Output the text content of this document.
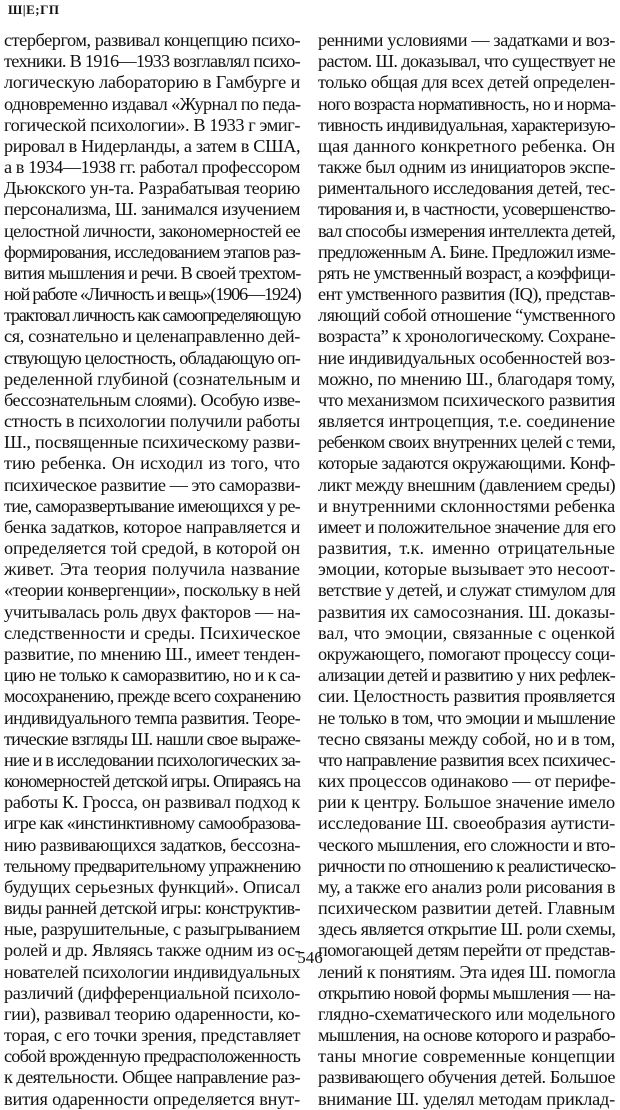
Ш|Е;ГП
стербергом, развивал концепцию психо-
техники. В 1916—1933 возглавлял психо-
логическую лабораторию в Гамбурге и
одновременно издавал «Журнал по педа-
гогической психологии». В 1933 г эмиг-
рировал в Нидерланды, а затем в США,
а в 1934—1938 гг. работал профессором
Дьюкского ун-та. Разрабатывая теорию
персонализма, Ш. занимался изучением
целостной личности, закономерностей ее
формирования, исследованием этапов раз-
вития мышления и речи. В своей трехтом-
ной работе «Личность и вещь»(1906—1924)
трактовал личность как самоопределяющую
ся, сознательно и целенаправленно дей-
ствующую целостность, обладающую оп-
ределенной глубиной (сознательным и
бессознательным слоями). Особую изве-
стность в психологии получили работы
Ш., посвященные психическому разви-
тию ребенка. Он исходил из того, что
психическое развитие — это саморазви-
тие, саморазвертывание имеющихся у ре-
бенка задатков, которое направляется и
определяется той средой, в которой он
живет. Эта теория получила название
«теории конвергенции», поскольку в ней
учитывалась роль двух факторов — на-
следственности и среды. Психическое
развитие, по мнению Ш., имеет тенден-
цию не только к саморазвитию, но и к са-
мосохранению, прежде всего сохранению
индивидуального темпа развития. Теоре-
тические взгляды Ш. нашли свое выраже-
ние и в исследовании психологических за-
кономерностей детской игры. Опираясь на
работы К. Гросса, он развивал подход к
игре как «инстинктивному самообразова-
нию развивающихся задатков, бессозна-
тельному предварительному упражнению
будущих серьезных функций». Описал
виды ранней детской игры: конструктив-
ные, разрушительные, с разыгрыванием
ролей и др. Являясь также одним из ос-
нователей психологии индивидуальных
различий (дифференциальной психоло-
гии), развивал теорию одаренности, ко-
торая, с его точки зрения, представляет
собой врожденную предрасположенность
к деятельности. Общее направление раз-
вития одаренности определяется внут-
ренними условиями — задатками и воз-
растом. Ш. доказывал, что существует не
только общая для всех детей определен-
ного возраста нормативность, но и норма-
тивность индивидуальная, характеризую-
щая данного конкретного ребенка. Он
также был одним из инициаторов экспе-
риментального исследования детей, тес-
тирования и, в частности, усовершенство-
вал способы измерения интеллекта детей,
предложенным А. Бине. Предложил изме-
рять не умственный возраст, а коэффици-
ент умственного развития (IQ), представ-
ляющий собой отношение “умственного
возраста” к хронологическому. Сохране-
ние индивидуальных особенностей воз-
можно, по мнению Ш., благодаря тому,
что механизмом психического развития
является интроцепция, т.е. соединение
ребенком своих внутренних целей с теми,
которые задаются окружающими. Конф-
ликт между внешним (давлением среды)
и внутренними склонностями ребенка
имеет и положительное значение для его
развития, т.к. именно отрицательные
эмоции, которые вызывает это несоот-
ветствие у детей, и служат стимулом для
развития их самосознания. Ш. доказы-
вал, что эмоции, связанные с оценкой
окружающего, помогают процессу соци-
ализации детей и развитию у них рефлек-
сии. Целостность развития проявляется
не только в том, что эмоции и мышление
тесно связаны между собой, но и в том,
что направление развития всех психичес-
ких процессов одинаково — от перифе-
рии к центру. Большое значение имело
исследование Ш. своеобразия аутисти-
ческого мышления, его сложности и вто-
ричности по отношению к реалистическо-
му, а также его анализ роли рисования в
психическом развитии детей. Главным
здесь является открытие Ш. роли схемы,
помогающей детям перейти от представ-
лений к понятиям. Эта идея Ш. помогла
открытию новой формы мышления — на-
глядно-схематического или модельного
мышления, на основе которого и разрабо-
таны многие современные концепции
развивающего обучения детей. Большое
внимание Ш. уделял методам приклад-
546
